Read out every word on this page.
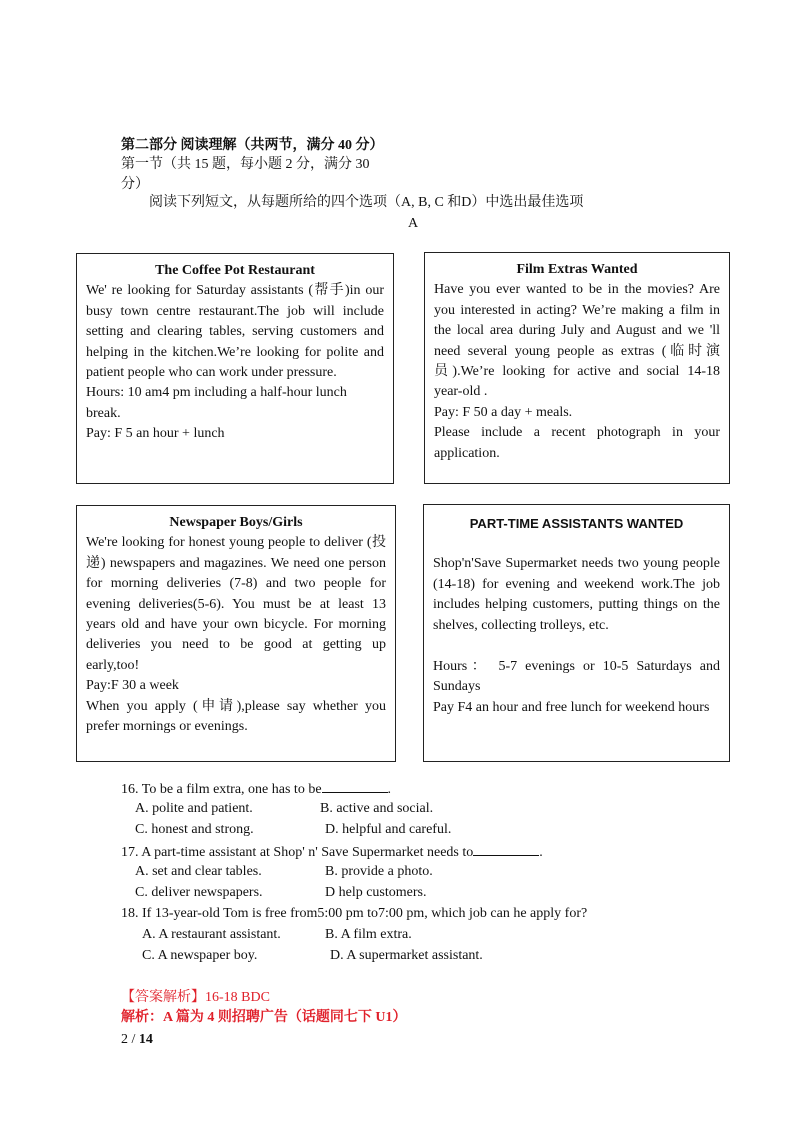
第二部分 阅读理解（共两节，满分 40 分）
第一节（共 15 题，每小题 2 分，满分 30
分）
阅读下列短文，从每题所给的四个选项（A, B, C 和D）中选出最佳选项
A
The Coffee Pot Restaurant

We' re looking for Saturday assistants (帮手)in our busy town centre restaurant.The job will include setting and clearing tables, serving customers and helping in the kitchen.We’re looking for polite and patient people who can work under pressure.

Hours: 10 am4 pm including a half-hour lunch break.

Pay: F 5 an hour + lunch

Film Extras Wanted

Have you ever wanted to be in the movies? Are you interested in acting? We’re making a film in the local area during July and August and we 'll need several young people as extras (临时演员).We’re looking for active and social 14-18 year-old .

Pay: F 50 a day + meals.

Please include a recent photograph in your application.

Newspaper Boys/Girls

We're looking for honest young people to deliver (投递) newspapers and magazines. We need one person for morning deliveries (7-8) and two people for evening deliveries(5-6). You must be at least 13 years old and have your own bicycle. For morning deliveries you need to be good at getting up early,too!

Pay:F 30 a week

When you apply (申请),please say whether you prefer mornings or evenings.

PART-TIME ASSISTANTS WANTED

Shop'n'Save Supermarket needs two young people (14-18) for evening and weekend work.The job includes helping customers, putting things on the shelves, collecting trolleys, etc.

Hours： 5-7 evenings or 10-5 Saturdays and Sundays

Pay F4 an hour and free lunch for weekend hours

16. To be a film extra, one has to be	.
A. polite and patient.	B. active and social.
C. honest and strong.	D. helpful and careful.
17. A part-time assistant at Shop' n' Save Supermarket needs to	.
A. set and clear tables.	B. provide a photo.
C. deliver newspapers.	D help customers.
18. If 13-year-old Tom is free from5:00 pm to7:00 pm, which job can he apply for?
A. A restaurant assistant.	B. A film extra.
C. A newspaper boy.	D. A supermarket assistant.
【答案解析】16-18 BDC
解析：A 篇为 4 则招聘广告（话题同七下 U1）
2 / 14
